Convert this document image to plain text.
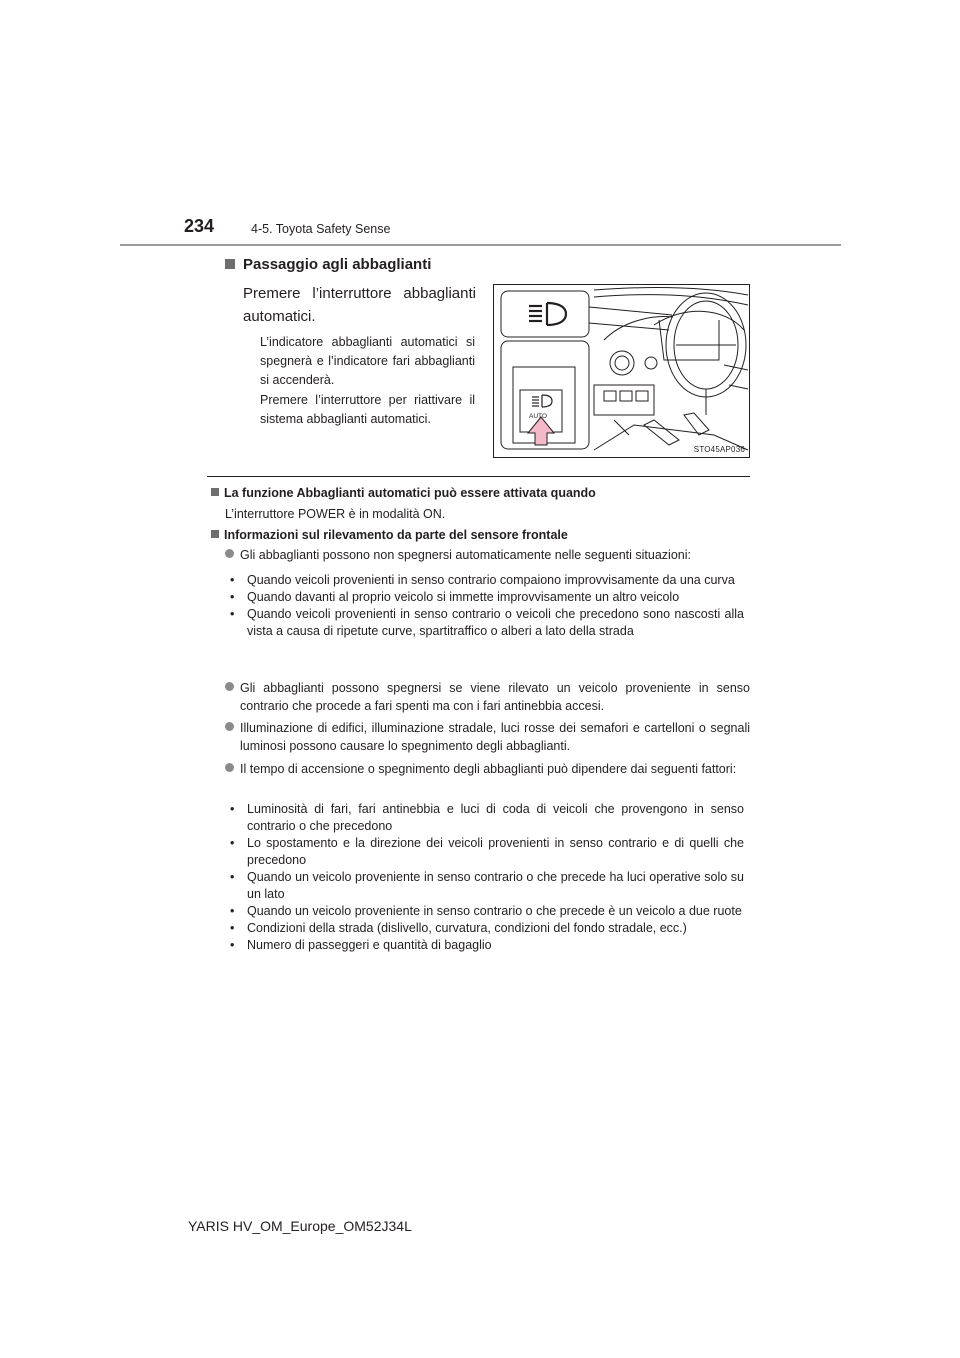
234	4-5. Toyota Safety Sense
Passaggio agli abbaglianti
Premere l’interruttore abbaglianti automatici.
L’indicatore abbaglianti automatici si spegnerà e l’indicatore fari abbaglianti si accenderà.
Premere l’interruttore per riattivare il sistema abbaglianti automatici.	AUTO
STO45AP036
La funzione Abbaglianti automatici può essere attivata quando
L’interruttore POWER è in modalità ON.
Informazioni sul rilevamento da parte del sensore frontale
Gli abbaglianti possono non spegnersi automaticamente nelle seguenti situazioni:
• Quando veicoli provenienti in senso contrario compaiono improvvisamente da una curva
• Quando davanti al proprio veicolo si immette improvvisamente un altro veicolo
• Quando veicoli provenienti in senso contrario o veicoli che precedono sono nascosti alla vista a causa di ripetute curve, spartitraffico o alberi a lato della strada
Gli abbaglianti possono spegnersi se viene rilevato un veicolo proveniente in senso contrario che procede a fari spenti ma con i fari antinebbia accesi.
Illuminazione di edifici, illuminazione stradale, luci rosse dei semafori e cartelloni o segnali luminosi possono causare lo spegnimento degli abbaglianti.
Il tempo di accensione o spegnimento degli abbaglianti può dipendere dai seguenti fattori:
• Luminosità di fari, fari antinebbia e luci di coda di veicoli che provengono in senso contrario o che precedono
• Lo spostamento e la direzione dei veicoli provenienti in senso contrario e di quelli che precedono
• Quando un veicolo proveniente in senso contrario o che precede ha luci operative solo su un lato
• Quando un veicolo proveniente in senso contrario o che precede è un veicolo a due ruote
• Condizioni della strada (dislivello, curvatura, condizioni del fondo stradale, ecc.)
• Numero di passeggeri e quantità di bagaglio
YARIS HV_OM_Europe_OM52J34L
